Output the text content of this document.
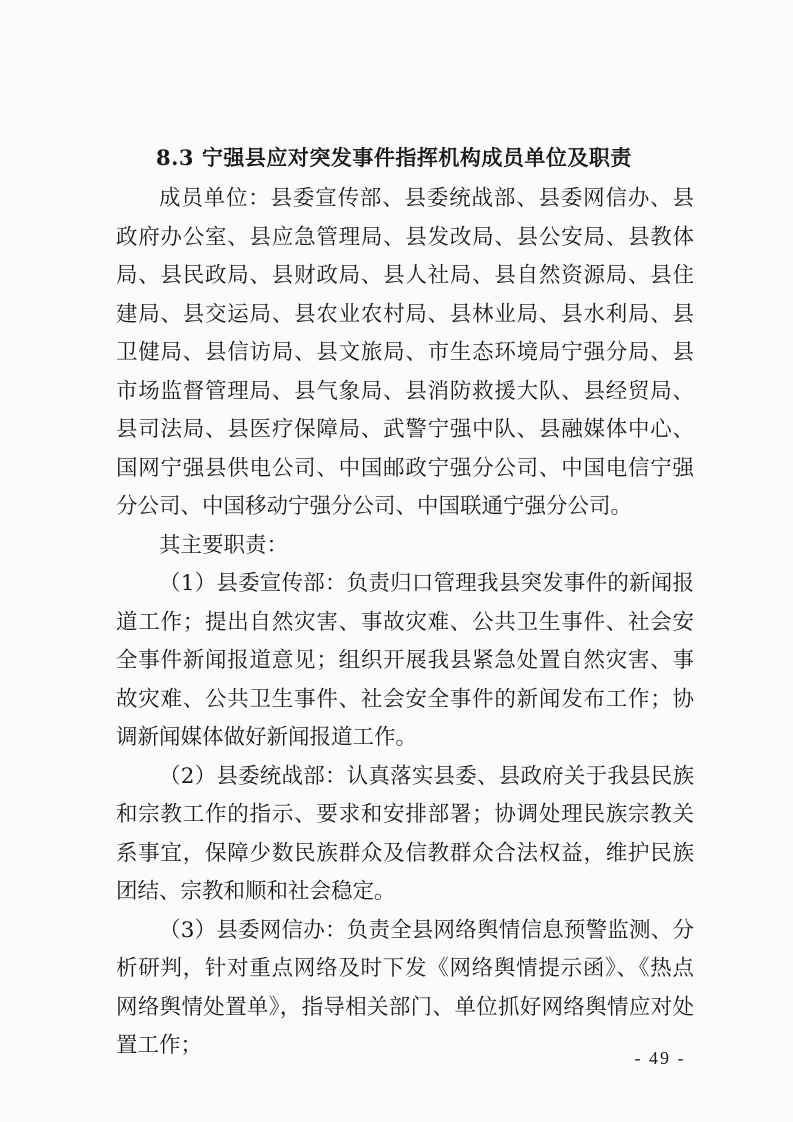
8.3 宁强县应对突发事件指挥机构成员单位及职责

成员单位：县委宣传部、县委统战部、县委网信办、县政府办公室、县应急管理局、县发改局、县公安局、县教体局、县民政局、县财政局、县人社局、县自然资源局、县住建局、县交运局、县农业农村局、县林业局、县水利局、县卫健局、县信访局、县文旅局、市生态环境局宁强分局、县市场监督管理局、县气象局、县消防救援大队、县经贸局、县司法局、县医疗保障局、武警宁强中队、县融媒体中心、国网宁强县供电公司、中国邮政宁强分公司、中国电信宁强分公司、中国移动宁强分公司、中国联通宁强分公司。

其主要职责：

（1）县委宣传部：负责归口管理我县突发事件的新闻报道工作；提出自然灾害、事故灾难、公共卫生事件、社会安全事件新闻报道意见；组织开展我县紧急处置自然灾害、事故灾难、公共卫生事件、社会安全事件的新闻发布工作；协调新闻媒体做好新闻报道工作。

（2）县委统战部：认真落实县委、县政府关于我县民族和宗教工作的指示、要求和安排部署；协调处理民族宗教关系事宜，保障少数民族群众及信教群众合法权益，维护民族团结、宗教和顺和社会稳定。

（3）县委网信办：负责全县网络舆情信息预警监测、分析研判，针对重点网络及时下发《网络舆情提示函》、《热点网络舆情处置单》，指导相关部门、单位抓好网络舆情应对处置工作；	- 49 -
